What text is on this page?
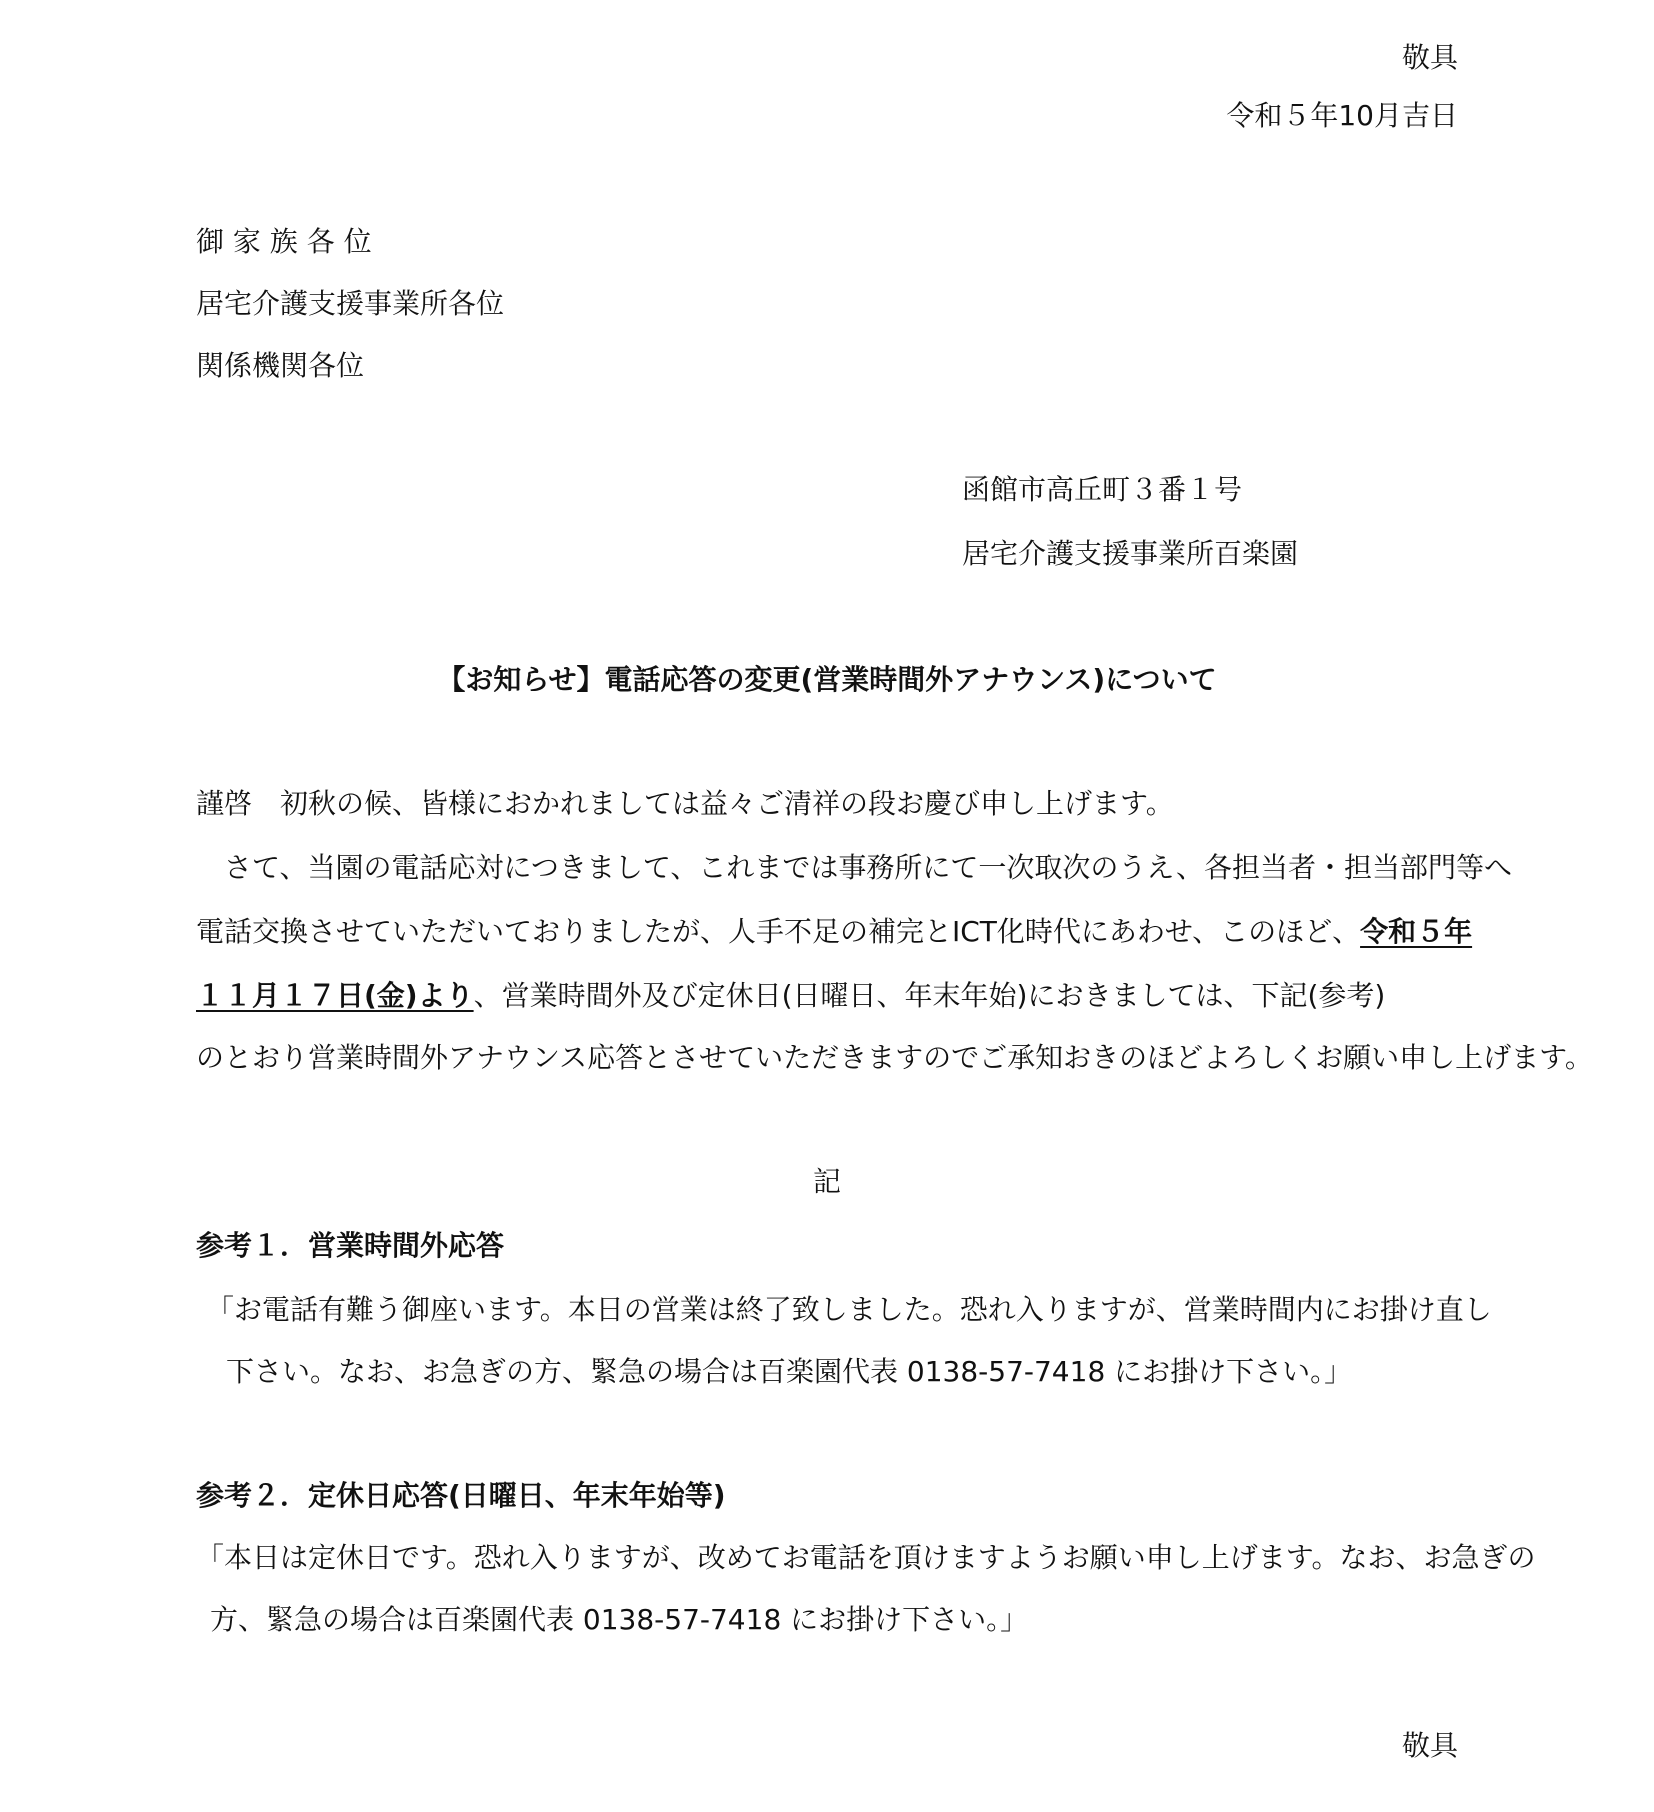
敬具
令和５年10月吉日
御 家 族 各 位
居宅介護支援事業所各位
関係機関各位
函館市高丘町３番１号
居宅介護支援事業所百楽園
【お知らせ】電話応答の変更(営業時間外アナウンス)について
謹啓　初秋の候、皆様におかれましては益々ご清祥の段お慶び申し上げます。
　さて、当園の電話応対につきまして、これまでは事務所にて一次取次のうえ、各担当者・担当部門等へ
電話交換させていただいておりましたが、人手不足の補完とICT化時代にあわせ、このほど、令和５年
１１月１７日(金)より、営業時間外及び定休日(日曜日、年末年始)におきましては、下記(参考)
のとおり営業時間外アナウンス応答とさせていただきますのでご承知おきのほどよろしくお願い申し上げます。
記
参考１．営業時間外応答
「お電話有難う御座います。本日の営業は終了致しました。恐れ入りますが、営業時間内にお掛け直し
下さい。なお、お急ぎの方、緊急の場合は百楽園代表 0138-57-7418 にお掛け下さい。」
参考２．定休日応答(日曜日、年末年始等)
「本日は定休日です。恐れ入りますが、改めてお電話を頂けますようお願い申し上げます。なお、お急ぎの
方、緊急の場合は百楽園代表 0138-57-7418 にお掛け下さい。」
敬具
